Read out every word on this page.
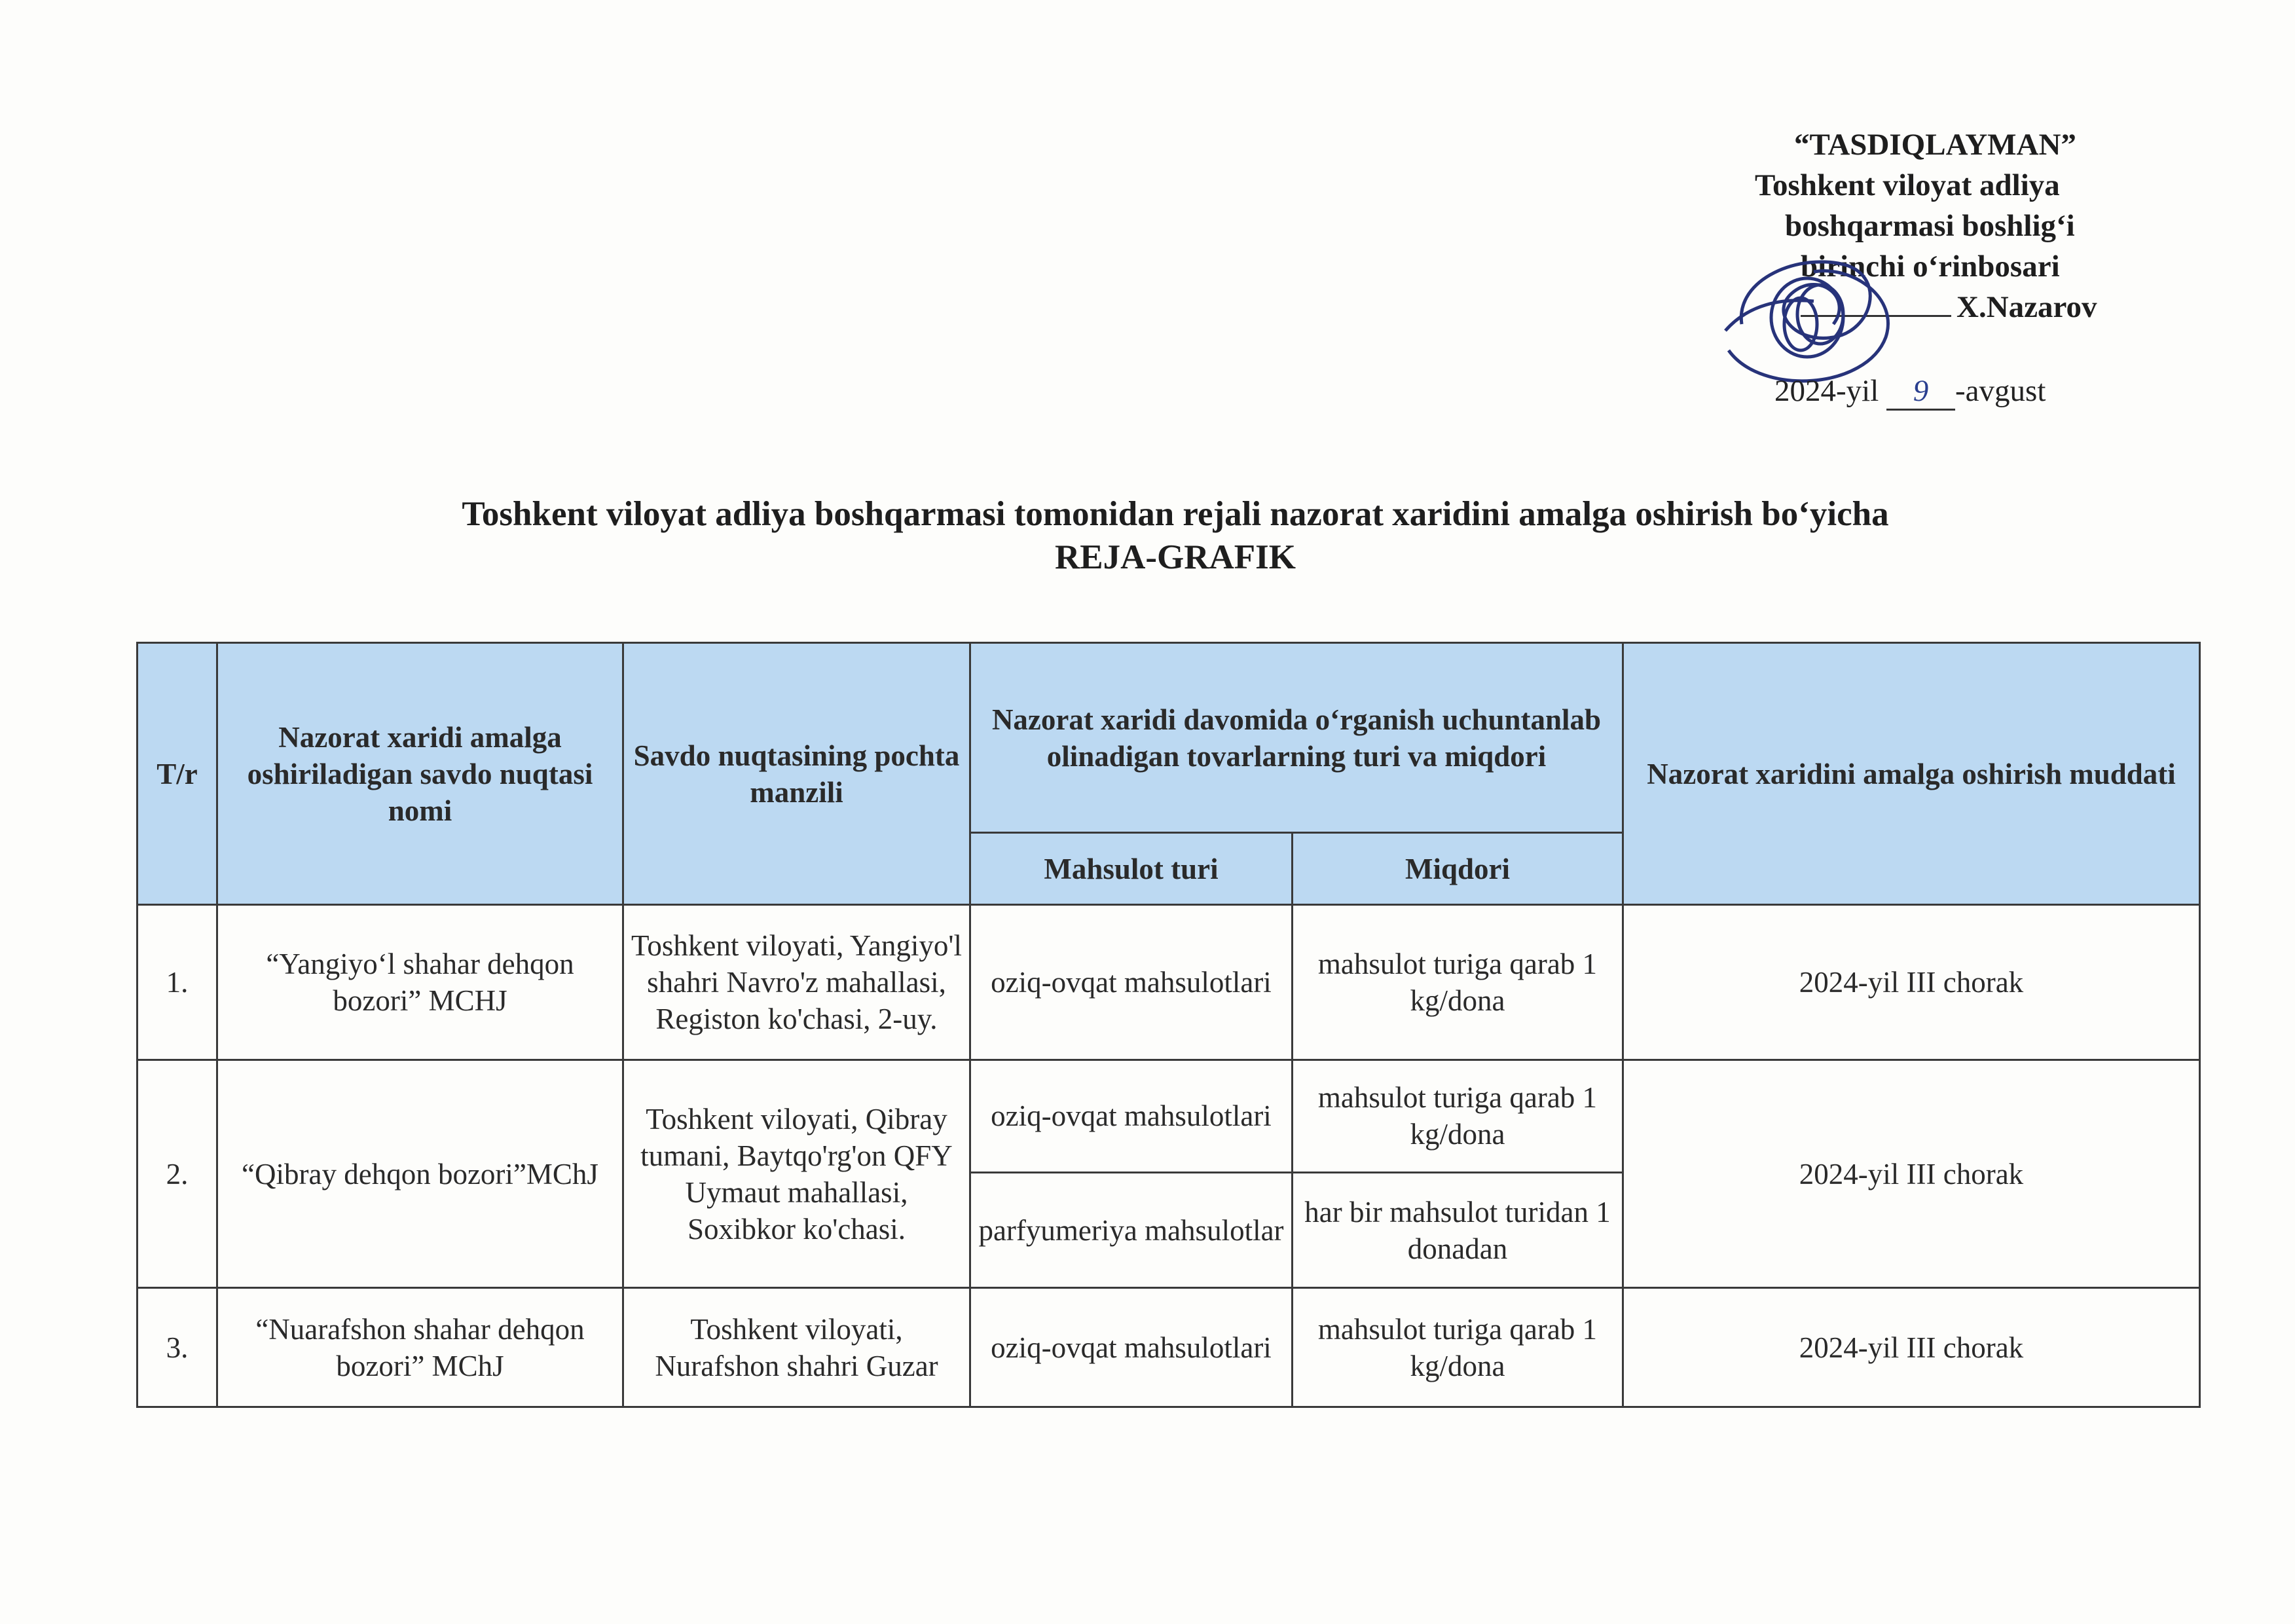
“TASDIQLAYMAN”
Toshkent viloyat adliya
boshqarmasi boshlig‘i
birinchi o‘rinbosari
X.Nazarov
2024-yil 9 -avgust
Toshkent viloyat adliya boshqarmasi tomonidan rejali nazorat xaridini amalga oshirish bo‘yicha
REJA-GRAFIK
T/r	Nazorat xaridi amalga oshiriladigan savdo nuqtasi nomi	Savdo nuqtasining pochta manzili	Nazorat xaridi davomida o‘rganish uchuntanlab olinadigan tovarlarning turi va miqdori		Nazorat xaridini amalga oshirish muddati
			Mahsulot turi	Miqdori	
1.	“Yangiyo‘l shahar dehqon bozori” MCHJ	Toshkent viloyati, Yangiyo'l shahri Navro'z mahallasi, Registon ko'chasi, 2-uy.	oziq-ovqat mahsulotlari	mahsulot turiga qarab 1 kg/dona	2024-yil III chorak
2.	“Qibray dehqon bozori”MChJ	Toshkent viloyati, Qibray tumani, Baytqo'rg'on QFY Uymaut mahallasi, Soxibkor ko'chasi.	oziq-ovqat mahsulotlari	mahsulot turiga qarab 1 kg/dona	2024-yil III chorak
			parfyumeriya mahsulotlar	har bir mahsulot turidan 1 donadan	
3.	“Nuarafshon shahar dehqon bozori” MChJ	Toshkent viloyati, Nurafshon shahri Guzar	oziq-ovqat mahsulotlari	mahsulot turiga qarab 1 kg/dona	2024-yil III chorak
